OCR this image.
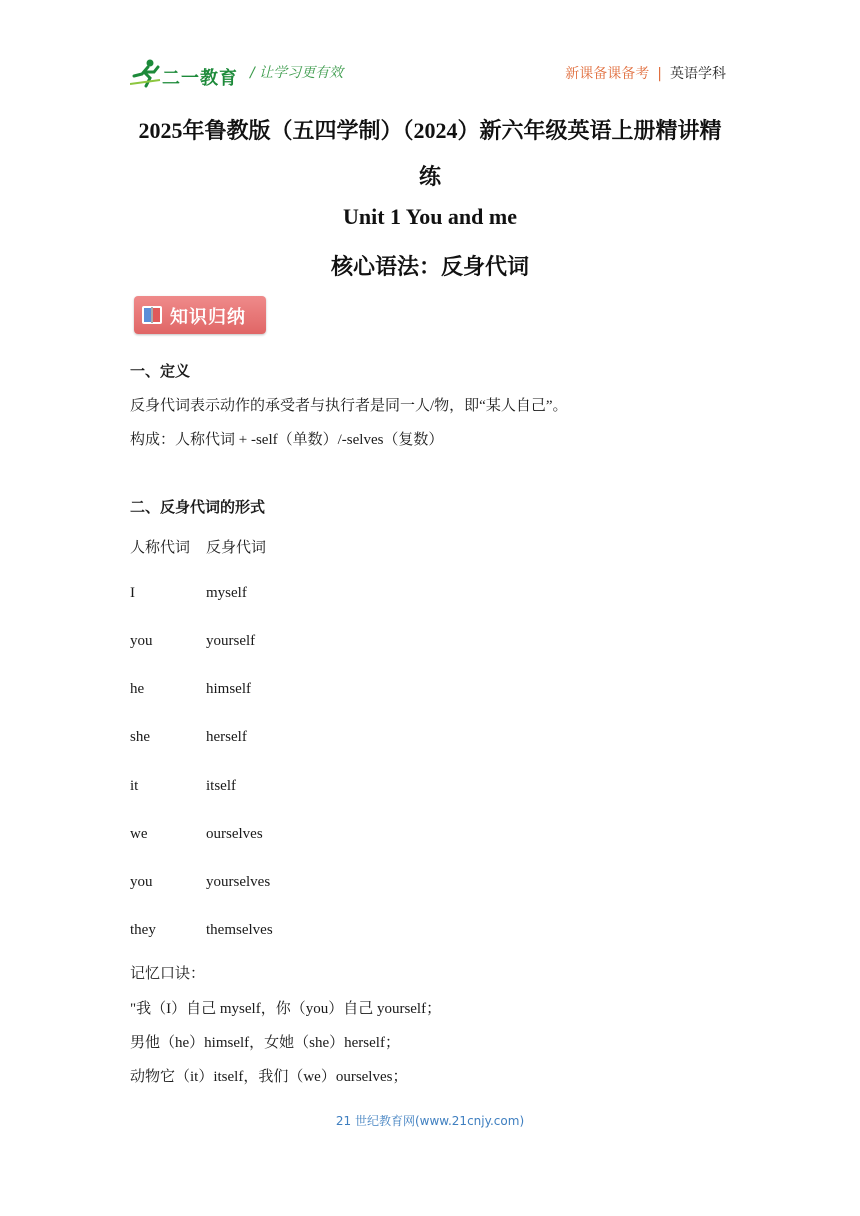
二一教育 / 让学习更有效	新课备课备考 | 英语学科
2025年鲁教版（五四学制）（2024）新六年级英语上册精讲精
练
Unit 1 You and me
核心语法：反身代词
知识归纳
一、定义
反身代词表示动作的承受者与执行者是同一人/物，即“某人自己”。
构成：人称代词 + -self（单数）/-selves（复数）
二、反身代词的形式
人称代词 反身代词
I	myself
you	yourself
he	himself
she	herself
it	itself
we	ourselves
you	yourselves
they	themselves
记忆口诀：
"我（I）自己 myself，你（you）自己 yourself；
男他（he）himself，女她（she）herself；
动物它（it）itself，我们（we）ourselves；
21 世纪教育网(www.21cnjy.com)
